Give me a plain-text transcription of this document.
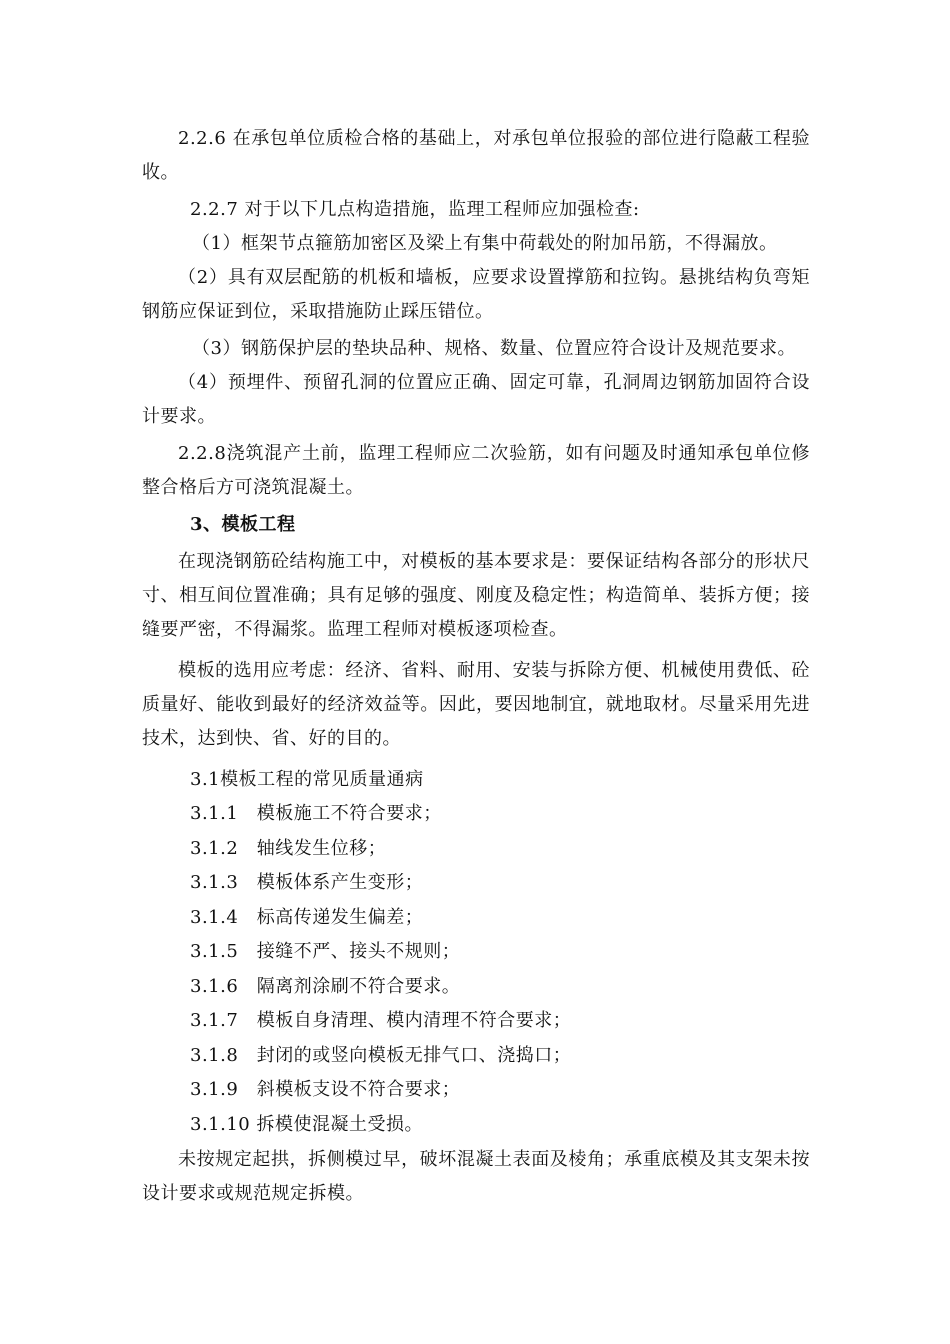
2.2.6 在承包单位质检合格的基础上，对承包单位报验的部位进行隐蔽工程验收。

2.2.7 对于以下几点构造措施，监理工程师应加强检查:

（1）框架节点箍筋加密区及梁上有集中荷载处的附加吊筋，不得漏放。

（2）具有双层配筋的机板和墙板，应要求设置撑筋和拉钩。悬挑结构负弯矩钢筋应保证到位，采取措施防止踩压错位。

（3）钢筋保护层的垫块品种、规格、数量、位置应符合设计及规范要求。

（4）预埋件、预留孔洞的位置应正确、固定可靠，孔洞周边钢筋加固符合设计要求。

2.2.8浇筑混产土前，监理工程师应二次验筋，如有问题及时通知承包单位修整合格后方可浇筑混凝土。

3、模板工程

在现浇钢筋砼结构施工中，对模板的基本要求是：要保证结构各部分的形状尺寸、相互间位置准确；具有足够的强度、刚度及稳定性；构造简单、装拆方便；接缝要严密，不得漏浆。监理工程师对模板逐项检查。

模板的选用应考虑：经济、省料、耐用、安装与拆除方便、机械使用费低、砼质量好、能收到最好的经济效益等。因此，要因地制宜，就地取材。尽量采用先进技术，达到快、省、好的目的。

3.1模板工程的常见质量通病

3.1.1　模板施工不符合要求；

3.1.2　轴线发生位移；

3.1.3　模板体系产生变形；

3.1.4　标高传递发生偏差；

3.1.5　接缝不严、接头不规则；

3.1.6　隔离剂涂刷不符合要求。

3.1.7　模板自身清理、模内清理不符合要求；

3.1.8　封闭的或竖向模板无排气口、浇捣口；

3.1.9　斜模板支设不符合要求；

3.1.10 拆模使混凝土受损。

未按规定起拱，拆侧模过早，破坏混凝土表面及棱角；承重底模及其支架未按设计要求或规范规定拆模。
